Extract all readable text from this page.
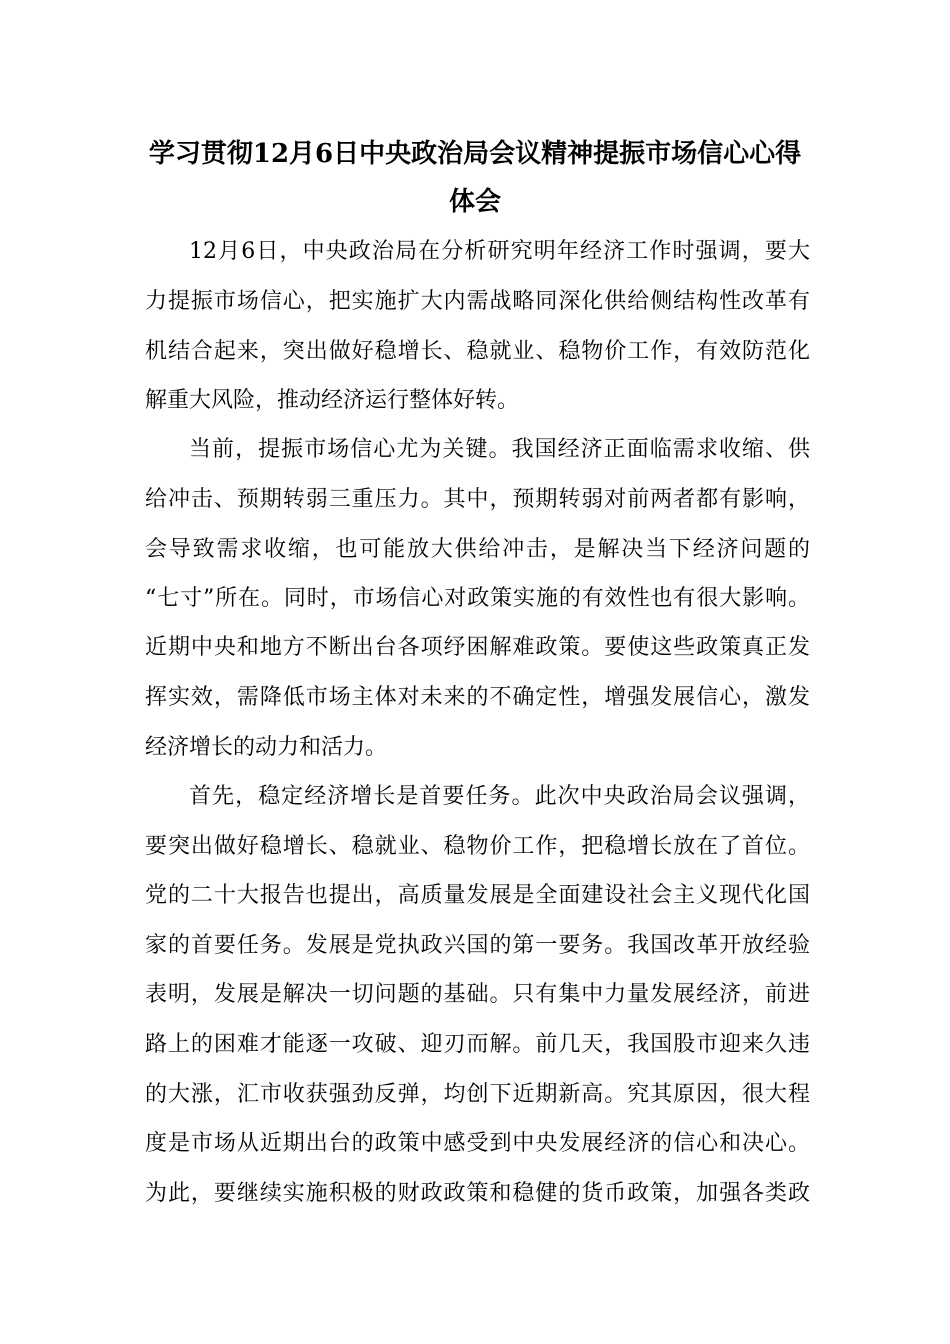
学习贯彻12月6日中央政治局会议精神提振市场信心心得
体会
12月6日，中央政治局在分析研究明年经济工作时强调，要大
力提振市场信心，把实施扩大内需战略同深化供给侧结构性改革有
机结合起来，突出做好稳增长、稳就业、稳物价工作，有效防范化
解重大风险，推动经济运行整体好转。
当前，提振市场信心尤为关键。我国经济正面临需求收缩、供
给冲击、预期转弱三重压力。其中，预期转弱对前两者都有影响，
会导致需求收缩，也可能放大供给冲击，是解决当下经济问题的
“七寸”所在。同时，市场信心对政策实施的有效性也有很大影响。
近期中央和地方不断出台各项纾困解难政策。要使这些政策真正发
挥实效，需降低市场主体对未来的不确定性，增强发展信心，激发
经济增长的动力和活力。
首先，稳定经济增长是首要任务。此次中央政治局会议强调，
要突出做好稳增长、稳就业、稳物价工作，把稳增长放在了首位。
党的二十大报告也提出，高质量发展是全面建设社会主义现代化国
家的首要任务。发展是党执政兴国的第一要务。我国改革开放经验
表明，发展是解决一切问题的基础。只有集中力量发展经济，前进
路上的困难才能逐一攻破、迎刃而解。前几天，我国股市迎来久违
的大涨，汇市收获强劲反弹，均创下近期新高。究其原因，很大程
度是市场从近期出台的政策中感受到中央发展经济的信心和决心。
为此，要继续实施积极的财政政策和稳健的货币政策，加强各类政
